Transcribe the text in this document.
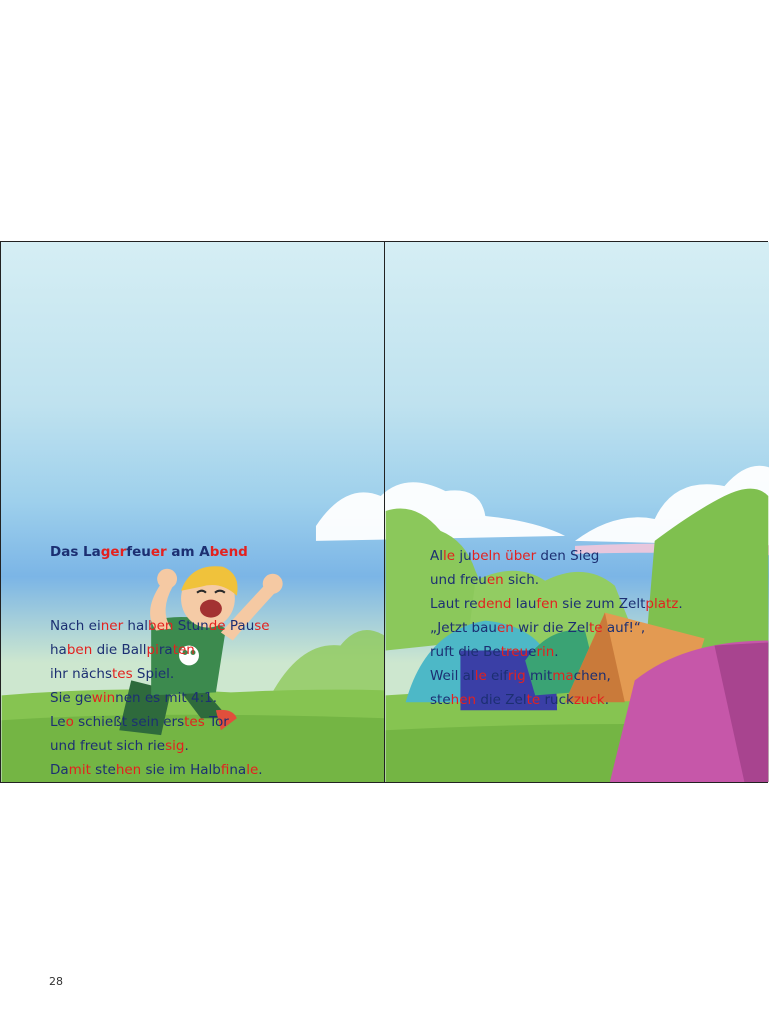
Das Lagerfeuer am Abend
Nach einer halben Stunde Pause
haben die Ballpiraten
ihr nächstes Spiel.
Sie gewinnen es mit 4:1.
Leo schießt sein erstes Tor
und freut sich riesig.
Damit stehen sie im Halbfinale.
28
Alle jubeln über den Sieg
und freuen sich.
Laut redend laufen sie zum Zeltplatz.
„Jetzt bauen wir die Zelte auf!“,
ruft die Betreuerin.
Weil alle eifrig mitmachen,
stehen die Zelte ruckzuck.
